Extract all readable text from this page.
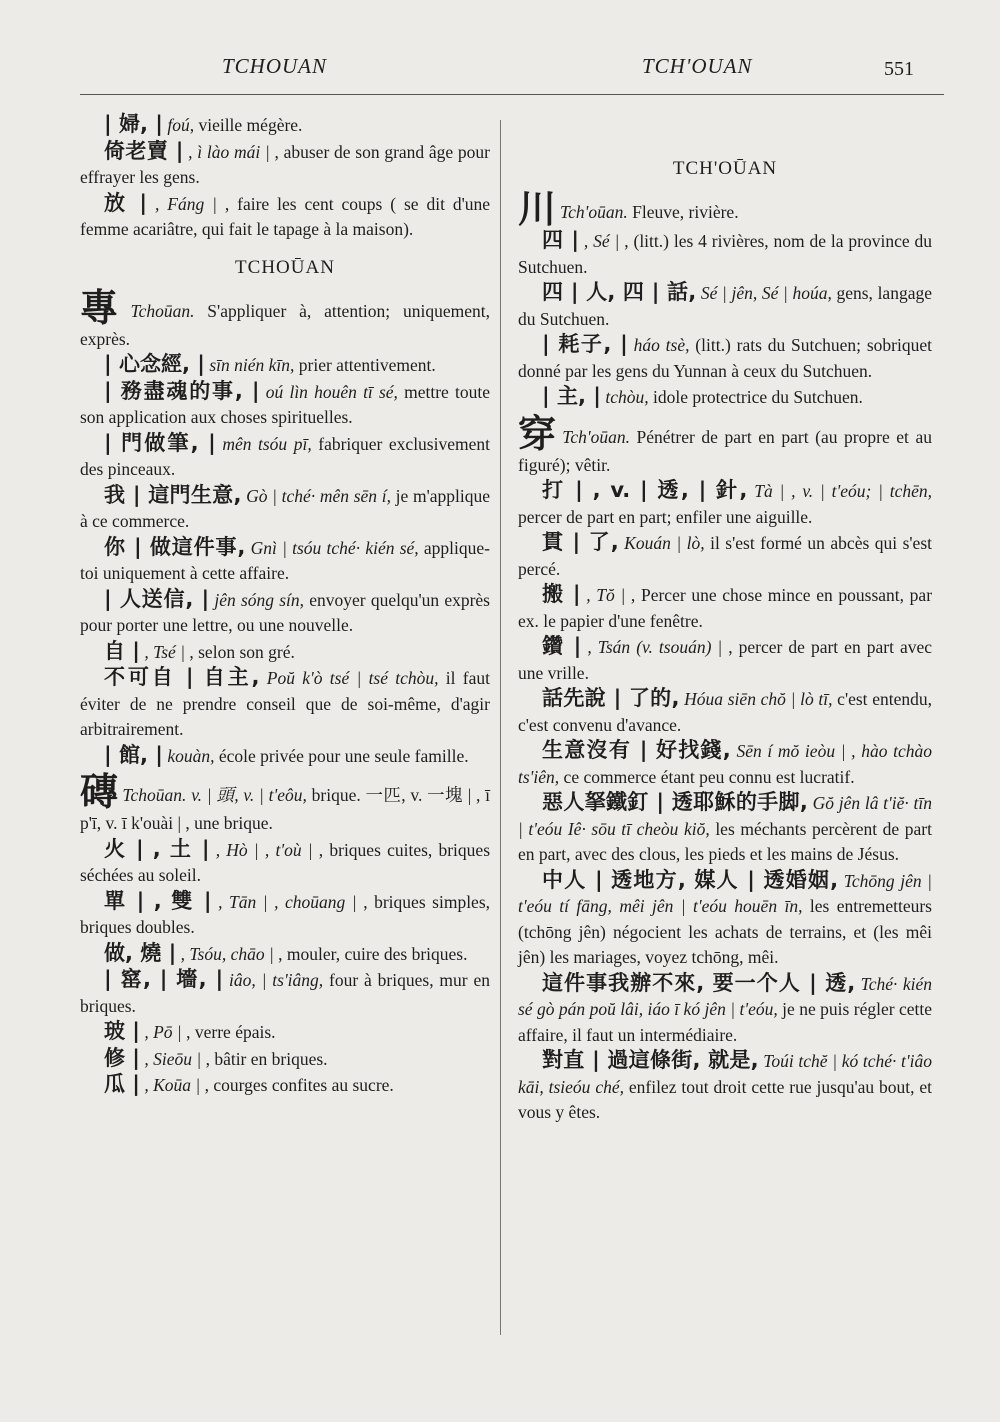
TCHOUAN	TCH'OUAN	551

| 婦, | foú, vieille mégère.

倚老賣 | , ì lào mái | , abuser de son grand âge pour effrayer les gens.

放 | , Fáng | , faire les cent coups ( se dit d'une femme acariâtre, qui fait le tapage à la maison).

TCHOŪAN

專 Tchoūan. S'appliquer à, attention; uniquement, exprès.

| 心念經, | sīn nién kīn, prier attentivement.

| 務盡魂的事, | oú lìn houên tī sé, mettre toute son application aux choses spirituelles.

| 門做筆, | mên tsóu pī, fabriquer exclusivement des pinceaux.

我 | 這門生意, Gò | tché· mên sēn í, je m'applique à ce commerce.

你 | 做這件事, Gnì | tsóu tché· kién sé, applique-toi uniquement à cette affaire.

| 人送信, | jên sóng sín, envoyer quelqu'un exprès pour porter une lettre, ou une nouvelle.

自 | , Tsé | , selon son gré.

不可自 | 自主, Poŭ k'ò tsé | tsé tchòu, il faut éviter de ne prendre conseil que de soi-même, d'agir arbitrairement.

| 館, | kouàn, école privée pour une seule famille.

磚 Tchoūan. v. | 頭, v. | t'eôu, brique. 一匹, v. 一塊 | , ī p'ī, v. ī k'ouài | , une brique.

火 | , 土 | , Hò | , t'où | , briques cuites, briques séchées au soleil.

單 | , 雙 | , Tān | , choūang | , briques simples, briques doubles.

做, 燒 | , Tsóu, chāo | , mouler, cuire des briques.

| 窰, | 墻, | iâo, | ts'iâng, four à briques, mur en briques.

玻 | , Pō | , verre épais.

修 | , Sieōu | , bâtir en briques.

瓜 | , Koūa | , courges confites au sucre.

TCH'OŪAN

川 Tch'oūan. Fleuve, rivière.

四 | , Sé | , (litt.) les 4 rivières, nom de la province du Sutchuen.

四 | 人, 四 | 話, Sé | jên, Sé | hoúa, gens, langage du Sutchuen.

| 耗子, | háo tsè, (litt.) rats du Sutchuen; sobriquet donné par les gens du Yunnan à ceux du Sutchuen.

| 主, | tchòu, idole protectrice du Sutchuen.

穿 Tch'oūan. Pénétrer de part en part (au propre et au figuré); vêtir.

打 | , v. | 透, | 針, Tà | , v. | t'eóu; | tchēn, percer de part en part; enfiler une aiguille.

貫 | 了, Kouán | lò, il s'est formé un abcès qui s'est percé.

搬 | , Tŏ | , Percer une chose mince en poussant, par ex. le papier d'une fenêtre.

鑽 | , Tsán (v. tsouán) | , percer de part en part avec une vrille.

話先說 | 了的, Hóua siēn chŏ | lò tī, c'est entendu, c'est convenu d'avance.

生意沒有 | 好找錢, Sēn í mŏ ieòu | , hào tchào ts'iên, ce commerce étant peu connu est lucratif.

惡人拏鐵釘 | 透耶穌的手脚, Gŏ jên lâ t'iĕ· tīn | t'eóu Iê· sōu tī cheòu kiŏ, les méchants percèrent de part en part, avec des clous, les pieds et les mains de Jésus.

中人 | 透地方, 媒人 | 透婚姻, Tchōng jên | t'eóu tí fāng, mêi jên | t'eóu houēn īn, les entremetteurs (tchōng jên) négocient les achats de terrains, et (les mêi jên) les mariages, voyez tchōng, mêi.

這件事我辦不來, 要一个人 | 透, Tché· kién sé gò pán poŭ lâi, iáo ī kó jên | t'eóu, je ne puis régler cette affaire, il faut un intermédiaire.

對直 | 過這條街, 就是, Toúi tchĕ | kó tché· t'iâo kāi, tsieóu ché, enfilez tout droit cette rue jusqu'au bout, et vous y êtes.
